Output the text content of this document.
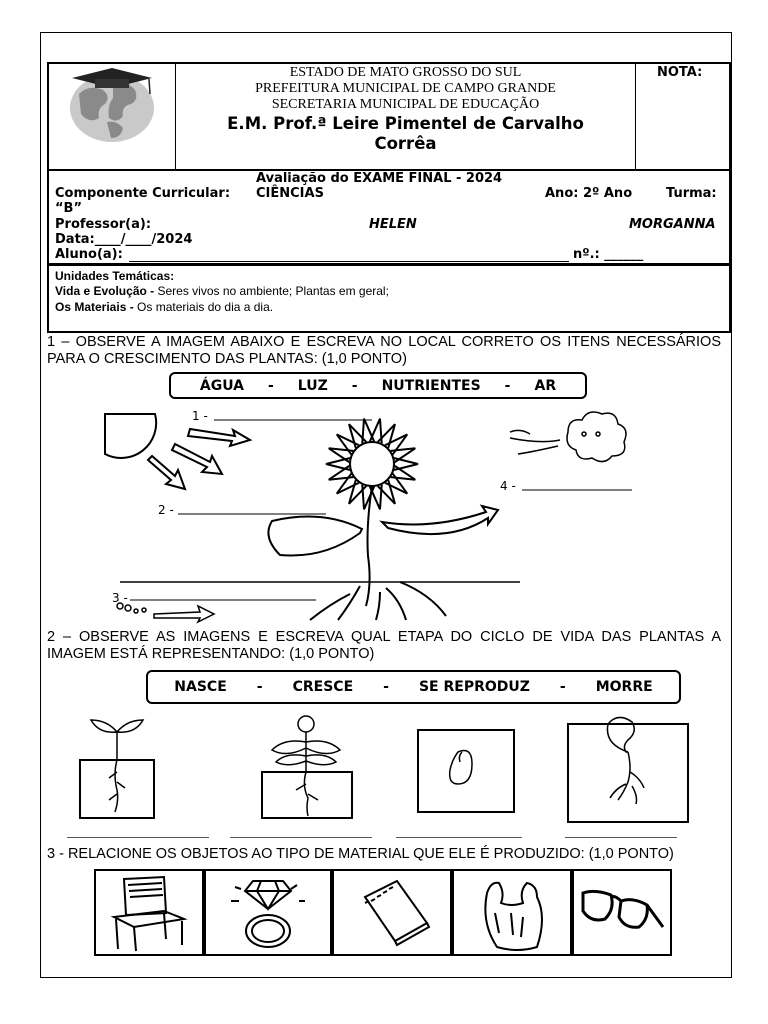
ESTADO DE MATO GROSSO DO SUL
PREFEITURA MUNICIPAL DE CAMPO GRANDE
SECRETARIA MUNICIPAL DE EDUCAÇÃO
E.M. Prof.ª Leire Pimentel de Carvalho
Corrêa
NOTA:
Avaliação do EXAME FINAL - 2024
Componente Curricular: CIÊNCIAS	Ano: 2º Ano	Turma:
“B”
Professor(a):	HELEN	MORGANNA
Data:____/____/2024
Aluno(a):	nº.: ______
Unidades Temáticas:
Vida e Evolução - Seres vivos no ambiente; Plantas em geral;
Os Materiais - Os materiais do dia a dia.
1 – OBSERVE A IMAGEM ABAIXO E ESCREVA NO LOCAL CORRETO OS ITENS NECESSÁRIOS PARA O CRESCIMENTO DAS PLANTAS: (1,0 PONTO)
ÁGUA - LUZ - NUTRIENTES - AR
1 -
2 -
3 -
4 -
2 – OBSERVE AS IMAGENS E ESCREVA QUAL ETAPA DO CICLO DE VIDA DAS PLANTAS A IMAGEM ESTÁ REPRESENTANDO: (1,0 PONTO)
NASCE - CRESCE - SE REPRODUZ - MORRE
3 - RELACIONE OS OBJETOS AO TIPO DE MATERIAL QUE ELE É PRODUZIDO: (1,0 PONTO)
